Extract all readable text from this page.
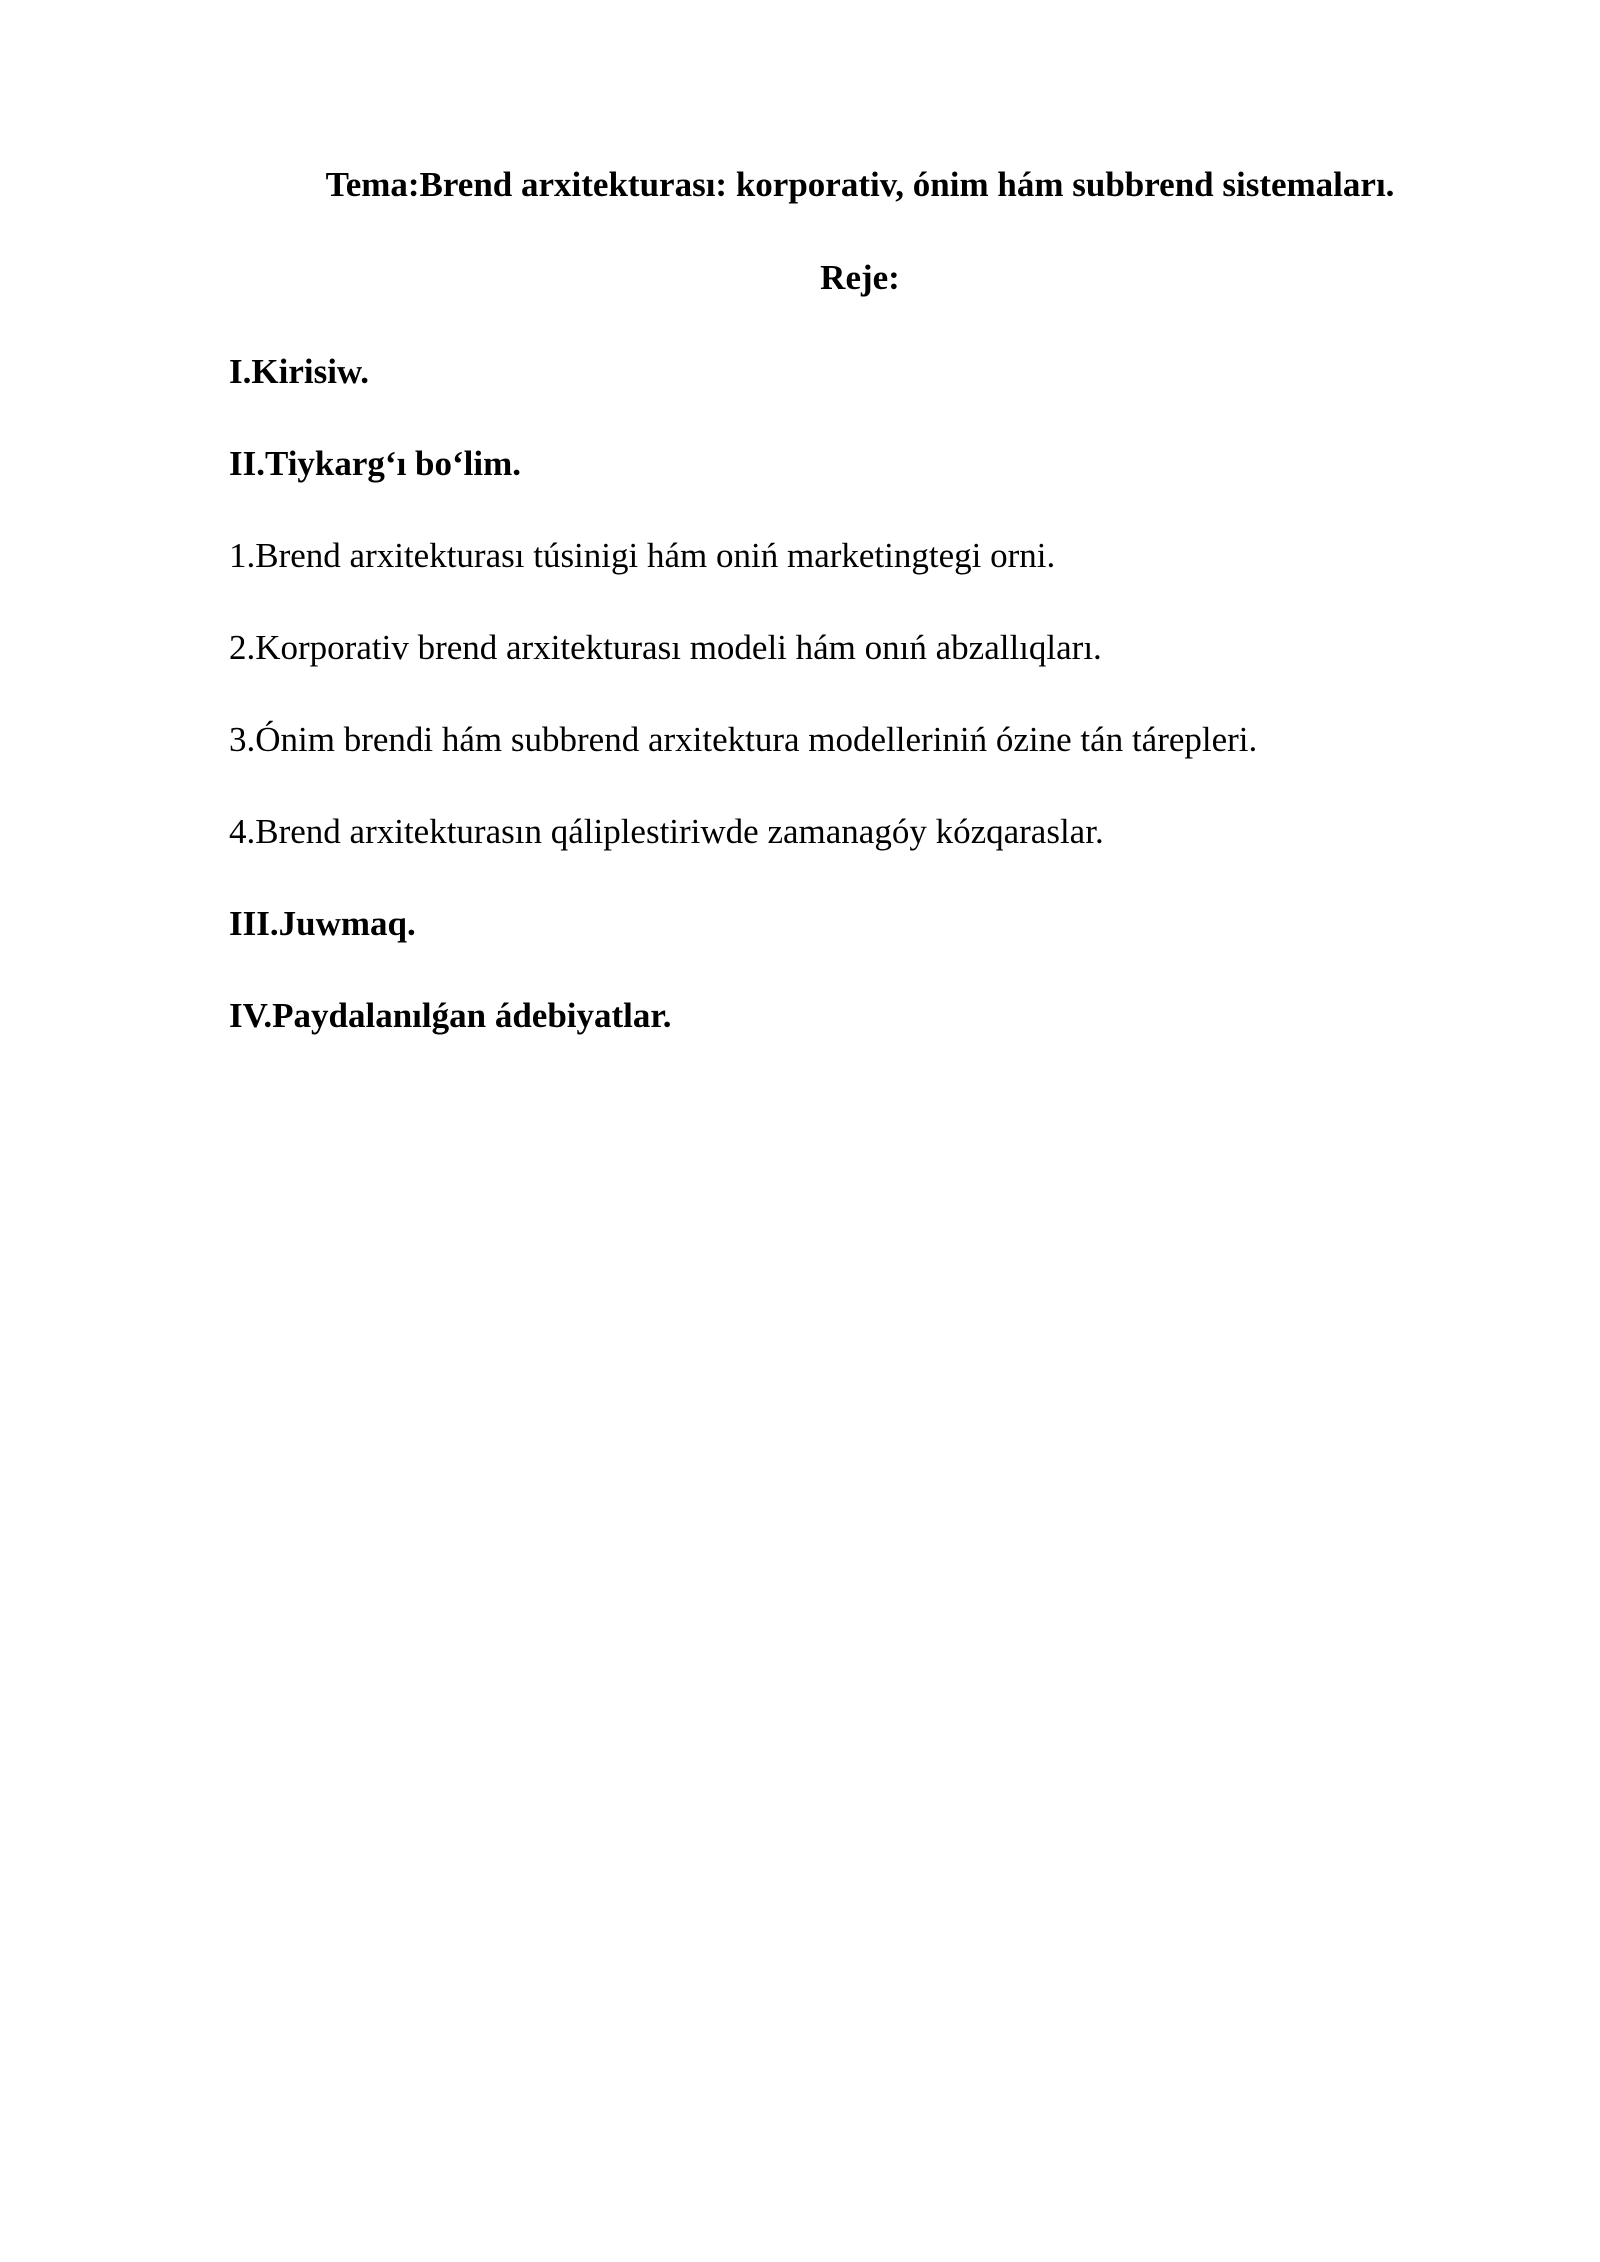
Tema:Brend arxitekturası: korporativ, ónim hám subbrend sistemaları.
Reje:
I.Kirisiw.
II.Tiykarg‘ı bo‘lim.
1.Brend arxitekturası túsinigi hám oniń marketingtegi orni.
2.Korporativ brend arxitekturası modeli hám onıń abzallıqları.
3.Ónim brendi hám subbrend arxitektura modelleriniń ózine tán tárepleri.
4.Brend arxitekturasın qáliplestiriwde zamanagóy kózqaraslar.
III.Juwmaq.
IV.Paydalanılǵan ádebiyatlar.
